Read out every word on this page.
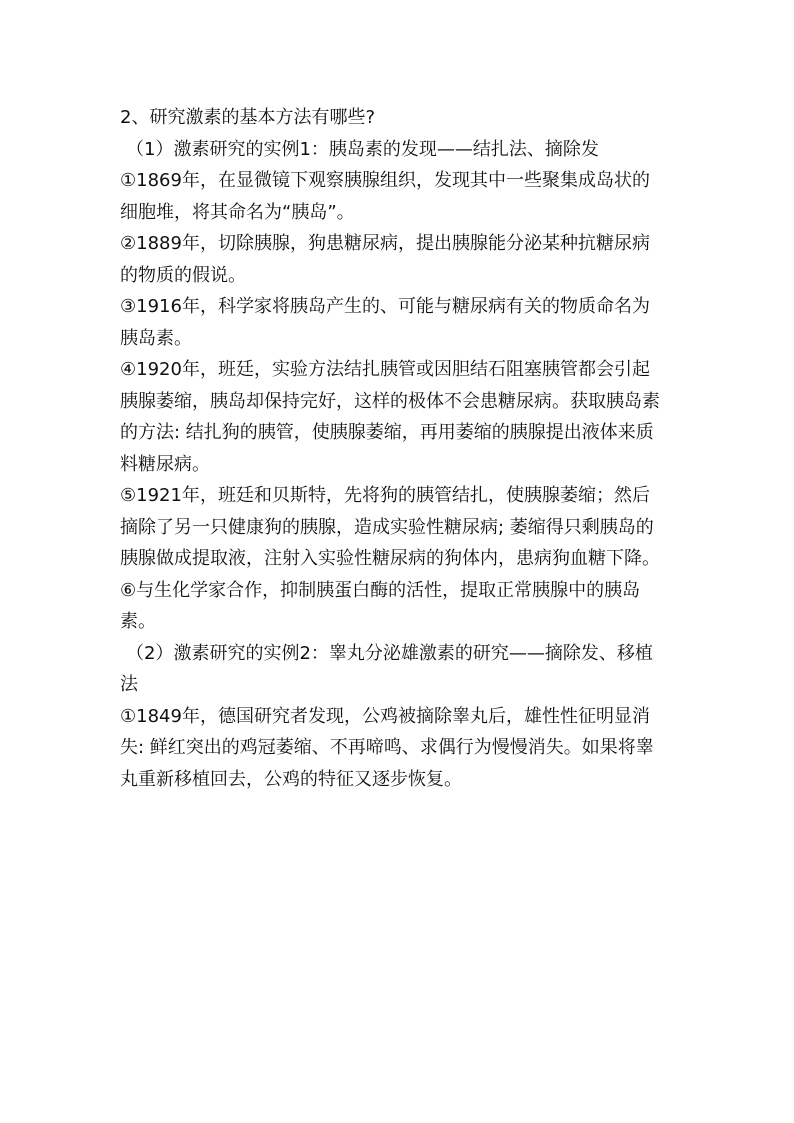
2、研究激素的基本方法有哪些?
（1）激素研究的实例1：胰岛素的发现——结扎法、摘除发
①1869年，在显微镜下观察胰腺组织，发现其中一些聚集成岛状的
细胞堆，将其命名为“胰岛”。
②1889年，切除胰腺，狗患糖尿病，提出胰腺能分泌某种抗糖尿病
的物质的假说。
③1916年，科学家将胰岛产生的、可能与糖尿病有关的物质命名为
胰岛素。
④1920年，班廷，实验方法结扎胰管或因胆结石阻塞胰管都会引起
胰腺萎缩，胰岛却保持完好，这样的极体不会患糖尿病。获取胰岛素
的方法: 结扎狗的胰管，使胰腺萎缩，再用萎缩的胰腺提出液体来质
料糖尿病。
⑤1921年，班廷和贝斯特，先将狗的胰管结扎，使胰腺萎缩；然后
摘除了另一只健康狗的胰腺，造成实验性糖尿病; 萎缩得只剩胰岛的
胰腺做成提取液，注射入实验性糖尿病的狗体内，患病狗血糖下降。
⑥与生化学家合作，抑制胰蛋白酶的活性，提取正常胰腺中的胰岛
素。
（2）激素研究的实例2：睾丸分泌雄激素的研究——摘除发、移植
法
①1849年，德国研究者发现，公鸡被摘除睾丸后，雄性性征明显消
失: 鲜红突出的鸡冠萎缩、不再啼鸣、求偶行为慢慢消失。如果将睾
丸重新移植回去，公鸡的特征又逐步恢复。
